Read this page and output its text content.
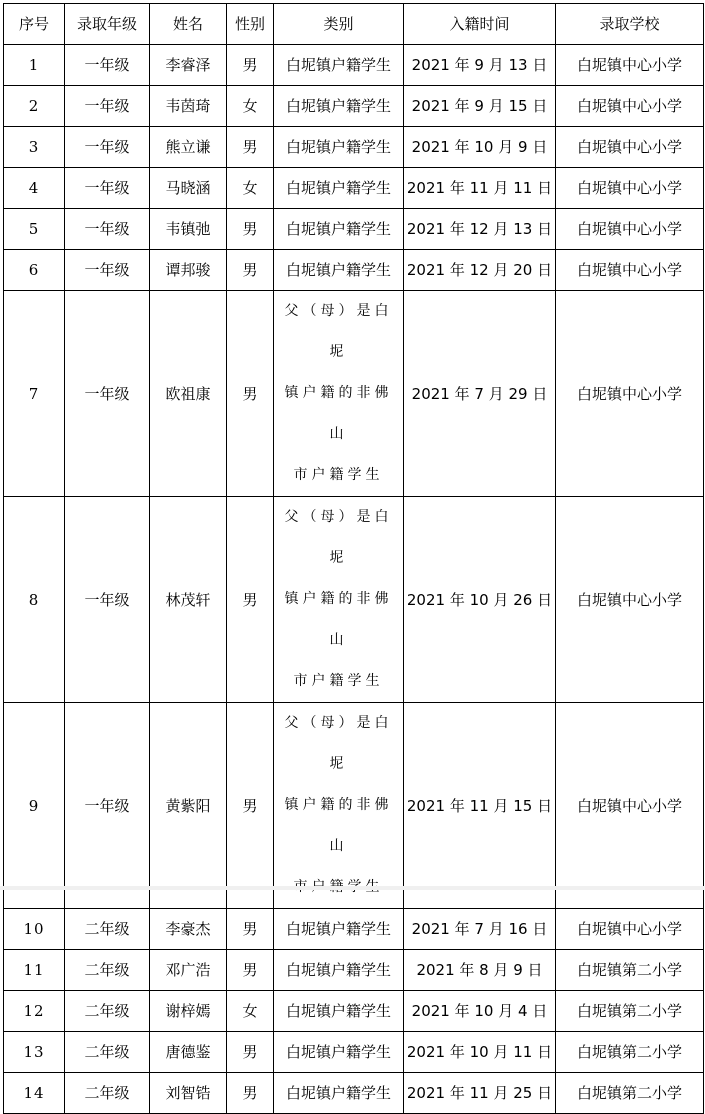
序号	录取年级	姓名	性别	类别	入籍时间	录取学校
1	一年级	李睿泽	男	白坭镇户籍学生	2021 年 9 月 13 日	白坭镇中心小学
2	一年级	韦茵琦	女	白坭镇户籍学生	2021 年 9 月 15 日	白坭镇中心小学
3	一年级	熊立谦	男	白坭镇户籍学生	2021 年 10 月 9 日	白坭镇中心小学
4	一年级	马晓涵	女	白坭镇户籍学生	2021 年 11 月 11 日	白坭镇中心小学
5	一年级	韦镇弛	男	白坭镇户籍学生	2021 年 12 月 13 日	白坭镇中心小学
6	一年级	谭邦骏	男	白坭镇户籍学生	2021 年 12 月 20 日	白坭镇中心小学
7	一年级	欧祖康	男	父（母）是白坭
镇户籍的非佛山
市户籍学生	2021 年 7 月 29 日	白坭镇中心小学
8	一年级	林茂轩	男	父（母）是白坭
镇户籍的非佛山
市户籍学生	2021 年 10 月 26 日	白坭镇中心小学
9	一年级	黄紫阳	男	父（母）是白坭
镇户籍的非佛山	2021 年 11 月 15 日	白坭镇中心小学
10	二年级	李豪杰	男	白坭镇户籍学生	2021 年 7 月 16 日	白坭镇中心小学
11	二年级	邓广浩	男	白坭镇户籍学生	2021 年 8 月 9 日	白坭镇第二小学
12	二年级	谢梓嫣	女	白坭镇户籍学生	2021 年 10 月 4 日	白坭镇第二小学
13	二年级	唐德鉴	男	白坭镇户籍学生	2021 年 10 月 11 日	白坭镇第二小学
14	二年级	刘智锆	男	白坭镇户籍学生	2021 年 11 月 25 日	白坭镇第二小学
